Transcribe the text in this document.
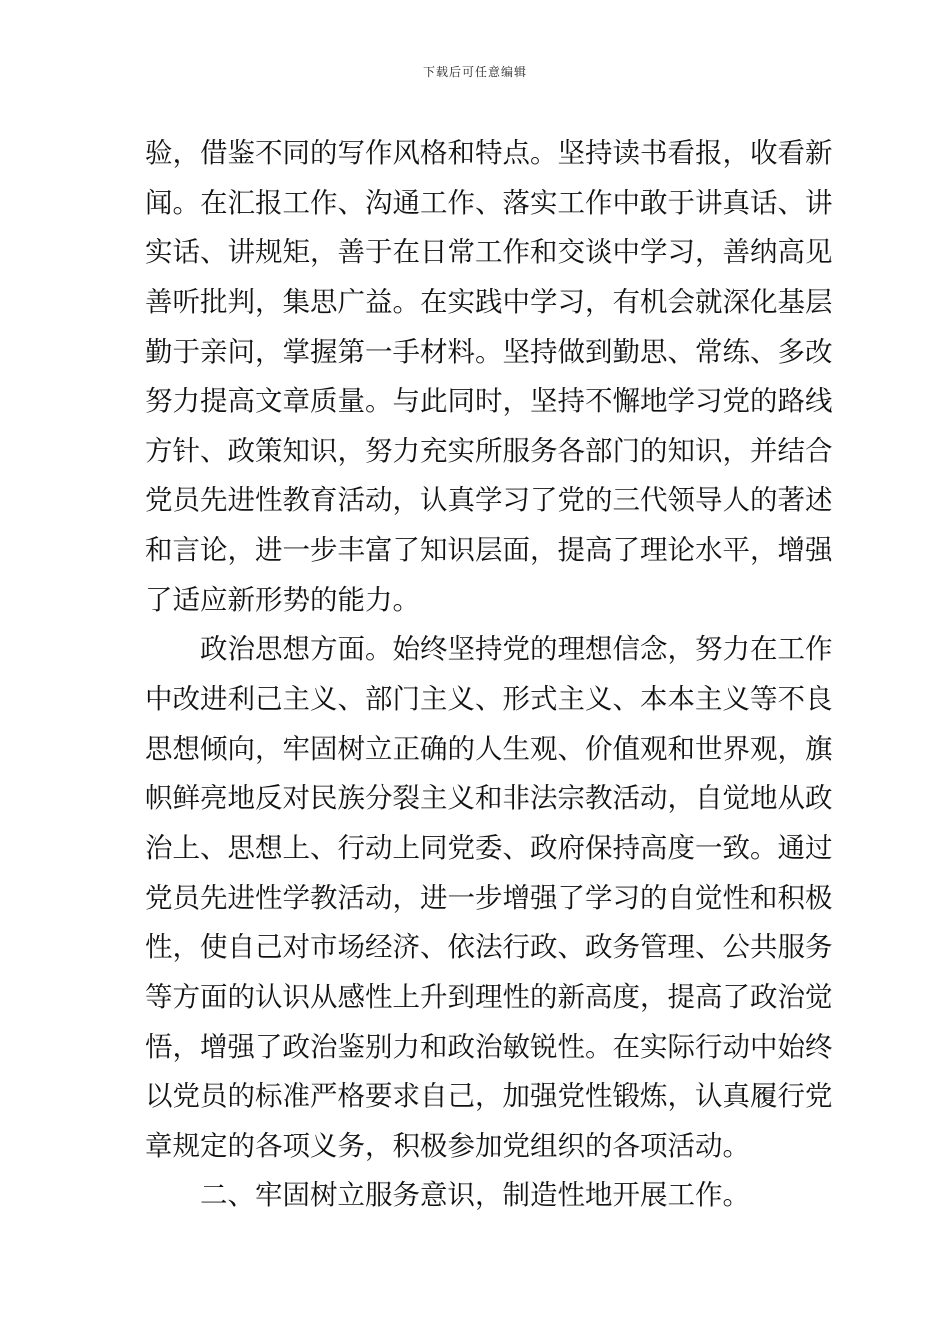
下载后可任意编辑
验，借鉴不同的写作风格和特点。坚持读书看报，收看新
闻。在汇报工作、沟通工作、落实工作中敢于讲真话、讲
实话、讲规矩，善于在日常工作和交谈中学习，善纳高见
善听批判，集思广益。在实践中学习，有机会就深化基层
勤于亲问，掌握第一手材料。坚持做到勤思、常练、多改
努力提高文章质量。与此同时，坚持不懈地学习党的路线
方针、政策知识，努力充实所服务各部门的知识，并结合
党员先进性教育活动，认真学习了党的三代领导人的著述
和言论，进一步丰富了知识层面，提高了理论水平，增强
了适应新形势的能力。
政治思想方面。始终坚持党的理想信念，努力在工作
中改进利己主义、部门主义、形式主义、本本主义等不良
思想倾向，牢固树立正确的人生观、价值观和世界观，旗
帜鲜亮地反对民族分裂主义和非法宗教活动，自觉地从政
治上、思想上、行动上同党委、政府保持高度一致。通过
党员先进性学教活动，进一步增强了学习的自觉性和积极
性，使自己对市场经济、依法行政、政务管理、公共服务
等方面的认识从感性上升到理性的新高度，提高了政治觉
悟，增强了政治鉴别力和政治敏锐性。在实际行动中始终
以党员的标准严格要求自己，加强党性锻炼，认真履行党
章规定的各项义务，积极参加党组织的各项活动。
二、牢固树立服务意识，制造性地开展工作。
